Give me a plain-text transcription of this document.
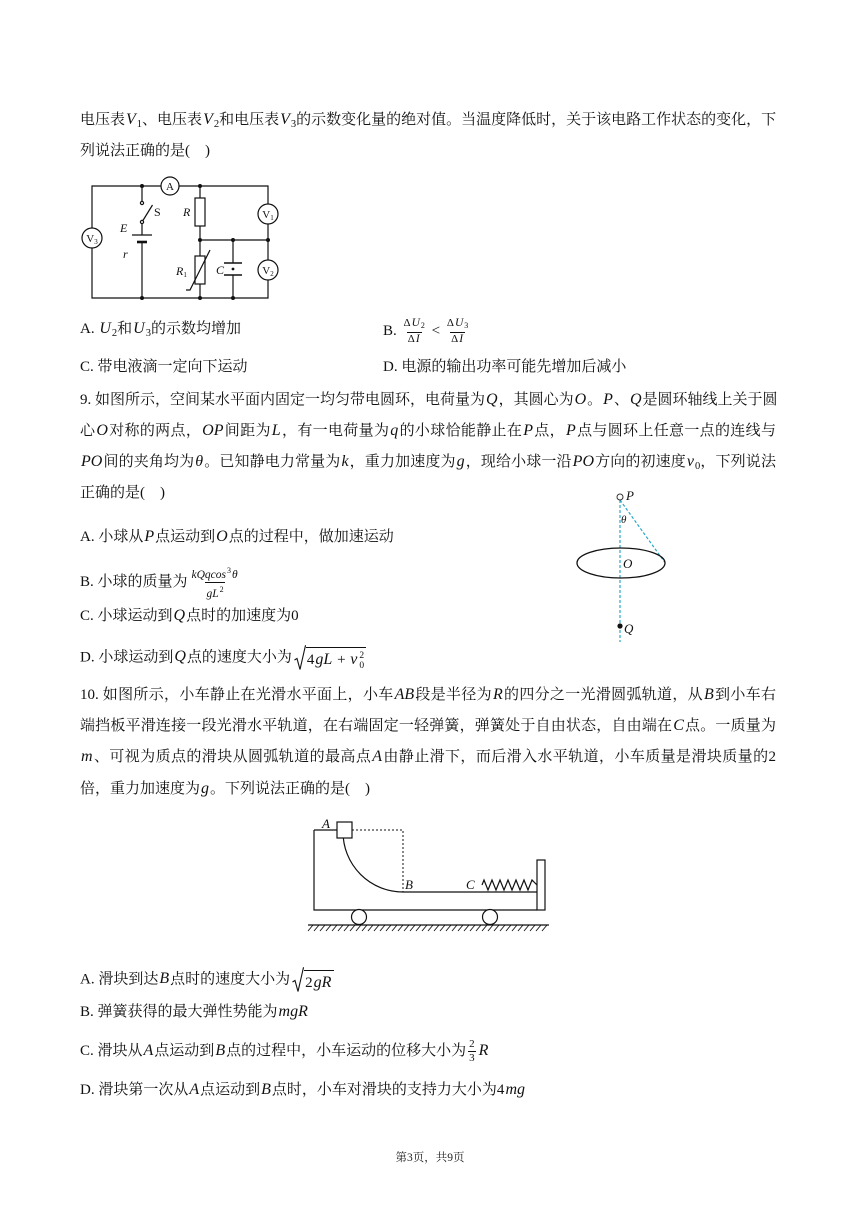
电压表$V_1$、电压表$V_2$和电压表$V_3$的示数变化量的绝对值。当温度降低时，关于该电路工作状态的变化，下
列说法正确的是(　)
A
S
E
r
R
R1 C
V1
V2
V3
A. $U_2$和$U_3$的示数均增加	B. $\frac{\Delta U2}{\Delta I} < \frac{\Delta U3}{\Delta I}$
C. 带电液滴一定向下运动	D. 电源的输出功率可能先增加后减小
9. 如图所示，空间某水平面内固定一均匀带电圆环，电荷量为Q，其圆心为O。P、Q是圆环轴线上关于圆
心O对称的两点，OP间距为L，有一电荷量为q的小球恰能静止在P点，P点与圆环上任意一点的连线与
PO间的夹角均为θ。已知静电力常量为k，重力加速度为g，现给小球一沿PO方向的初速度$v_0$，下列说法
正确的是(　)	P
θ
O
Q
A. 小球从P点运动到O点的过程中，做加速运动
B. 小球的质量为 $\frac{kQqcos^3\theta}{gL^2}$
C. 小球运动到Q点时的加速度为0
D. 小球运动到Q点的速度大小为 4gL + v 2
0
10. 如图所示，小车静止在光滑水平面上，小车AB段是半径为R的四分之一光滑圆弧轨道，从B到小车右
端挡板平滑连接一段光滑水平轨道，在右端固定一轻弹簧，弹簧处于自由状态，自由端在C点。一质量为
m、可视为质点的滑块从圆弧轨道的最高点A由静止滑下，而后滑入水平轨道，小车质量是滑块质量的2
倍，重力加速度为g。下列说法正确的是(　)
A
B	C
A. 滑块到达B点时的速度大小为 2gR
B. 弹簧获得的最大弹性势能为mgR
C. 滑块从A点运动到B点的过程中，小车运动的位移大小为 $\frac{2}{3}$ R
D. 滑块第一次从A点运动到B点时，小车对滑块的支持力大小为4mg
第3页，共9页
